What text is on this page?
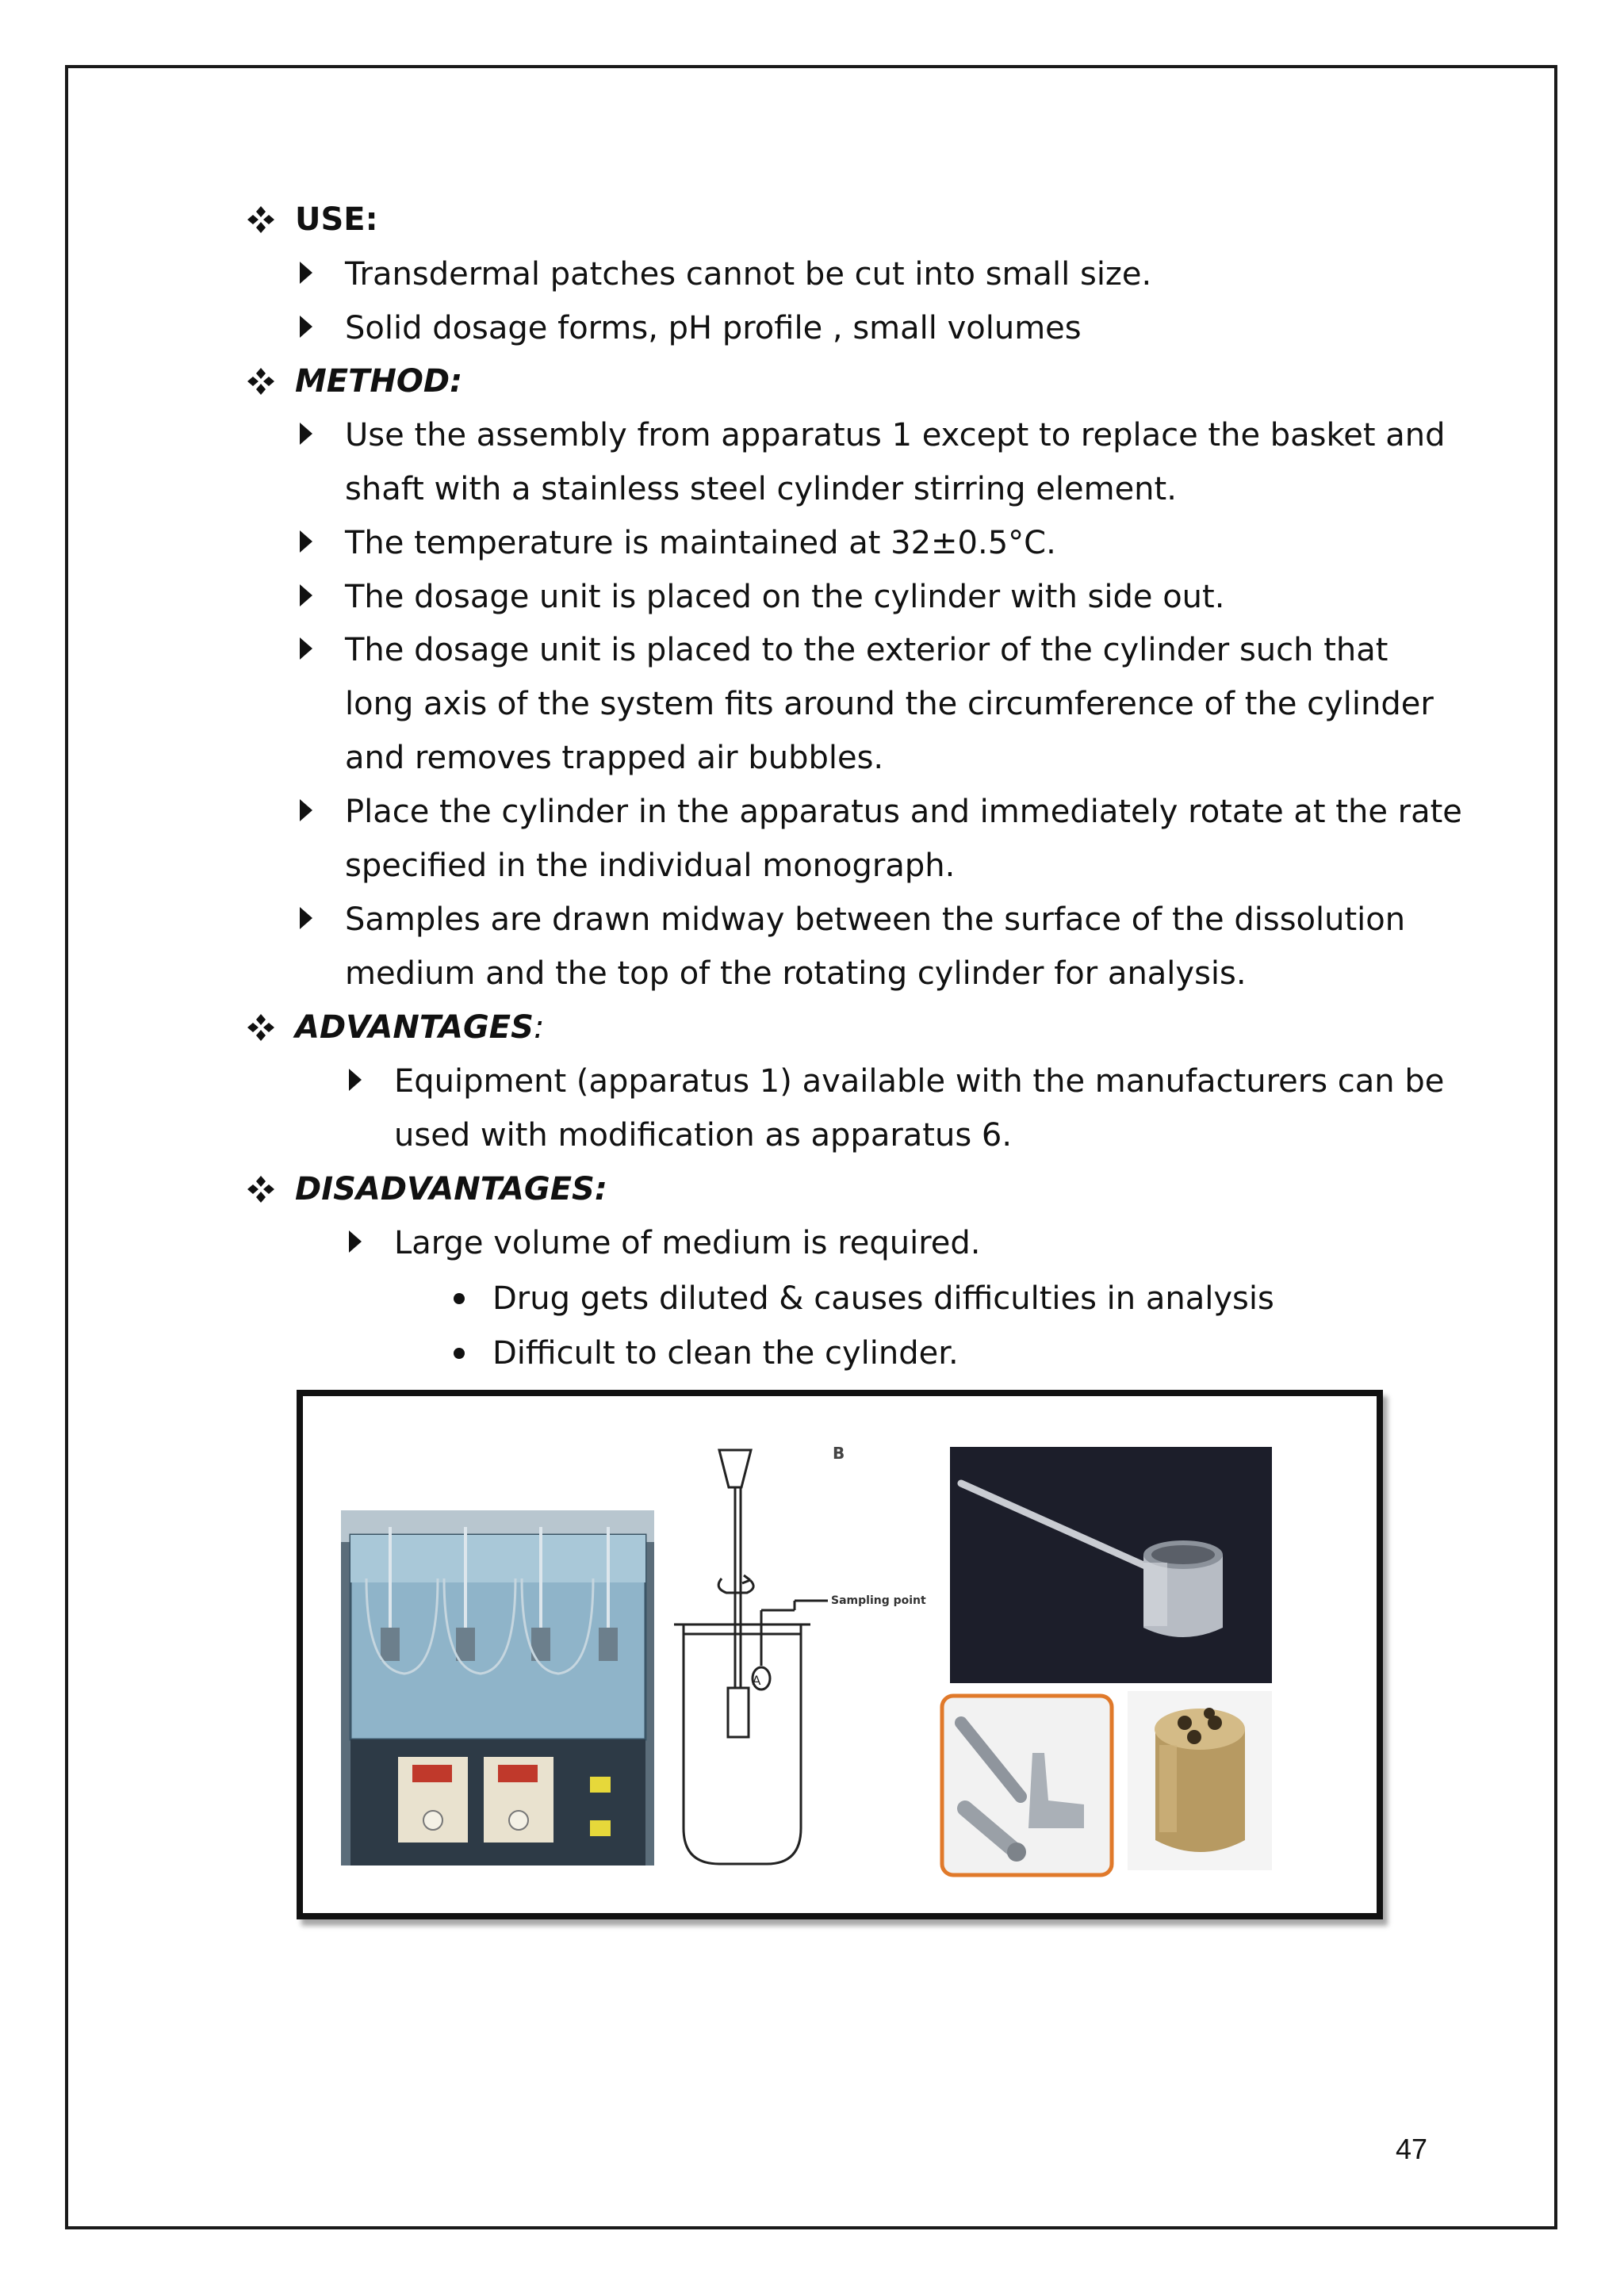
USE:
Transdermal patches cannot be cut into small size.
Solid dosage forms, pH profile , small volumes
METHOD:
Use the assembly from apparatus 1 except to replace the basket and
shaft with a stainless steel cylinder stirring element.
The temperature is maintained at 32±0.5°C.
The dosage unit is placed on the cylinder with side out.
The dosage unit is placed to the exterior of the cylinder such that
long axis of the system fits around the circumference of the cylinder
and removes trapped air bubbles.
Place the cylinder in the apparatus and immediately rotate at the rate
specified in the individual monograph.
Samples are drawn midway between the surface of the dissolution
medium and the top of the rotating cylinder for analysis.
ADVANTAGES:
Equipment (apparatus 1) available with the manufacturers can be
used with modification as apparatus 6.
DISADVANTAGES:
Large volume of medium is required.
Drug gets diluted & causes difficulties in analysis
Difficult to clean the cylinder.
A
B
Sampling point
47
